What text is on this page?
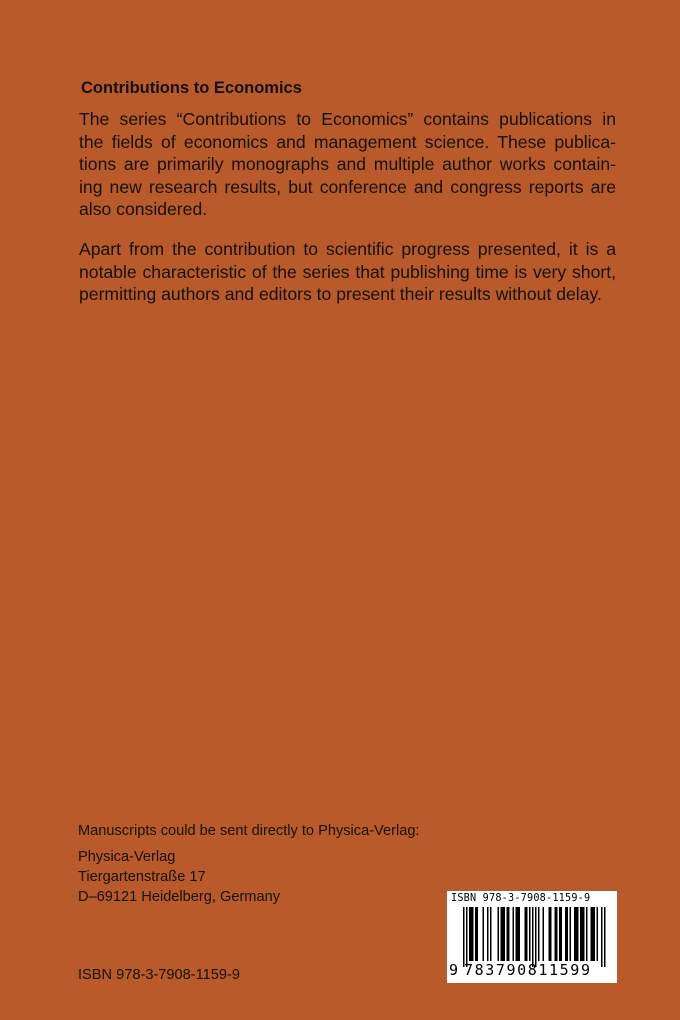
Contributions to Economics

The series “Contributions to Economics” contains publications in
the fields of economics and management science. These publica-
tions are primarily monographs and multiple author works contain-
ing new research results, but conference and congress reports are
also considered.

Apart from the contribution to scientific progress presented, it is a
notable characteristic of the series that publishing time is very short,
permitting authors and editors to present their results without delay.

Manuscripts could be sent directly to Physica-Verlag:

Physica-Verlag
Tiergartenstraße 17
D–69121 Heidelberg, Germany

ISBN 978-3-7908-1159-9

ISBN 978-3-7908-1159-9
9 783790811599
